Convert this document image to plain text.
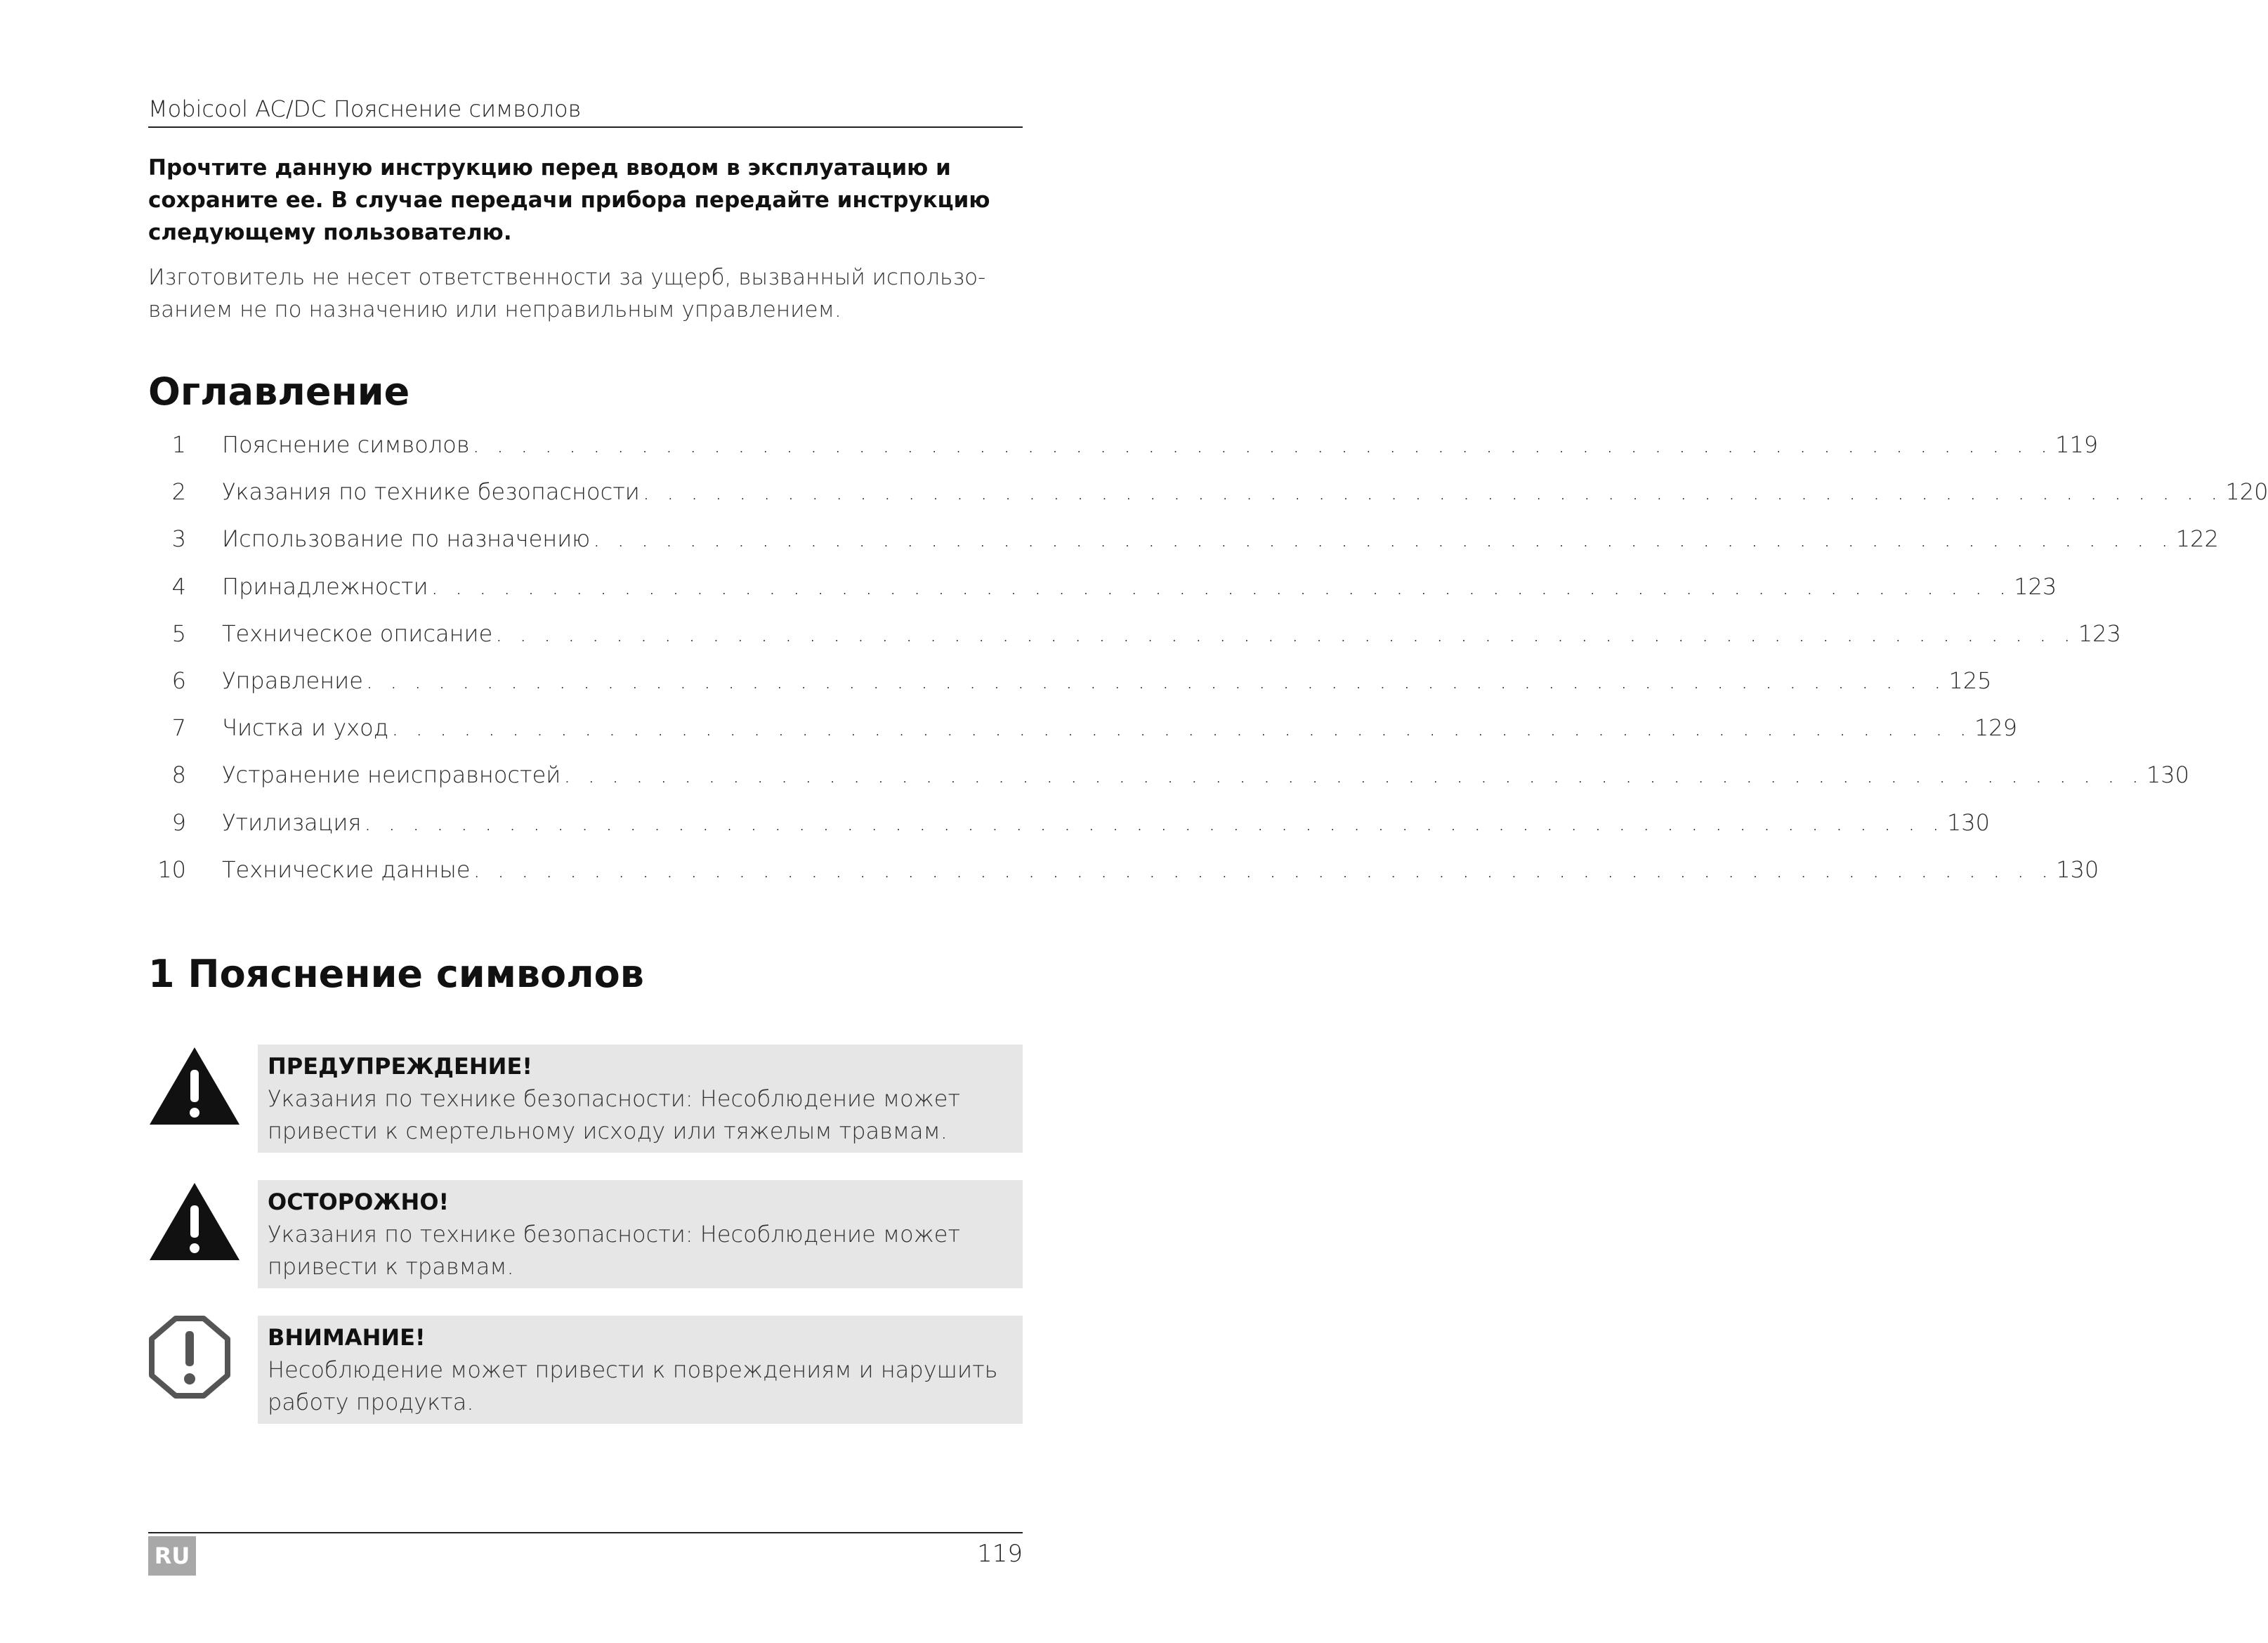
Mobicool AC/DC Пояснение символов
Прочтите данную инструкцию перед вводом в эксплуатацию и сохраните ее. В случае передачи прибора передайте инструкцию следующему пользователю.
Изготовитель не несет ответственности за ущерб, вызванный использо-ванием не по назначению или неправильным управлением.
Оглавление
1 Пояснение символов . . . . . . . . . . . . . . . . . . . . . . . . . . . . . . . . . . . . . . . . . . . . . . . . . . . . . . . . . . . . . . . . . . 119
2 Указания по технике безопасности . . . . . . . . . . . . . . . . . . . . . . . . . . . . . . . . . . . . . . . . . . . . . . . . . . . . . . . . . . . . . . . . . . 120
3 Использование по назначению . . . . . . . . . . . . . . . . . . . . . . . . . . . . . . . . . . . . . . . . . . . . . . . . . . . . . . . . . . . . . . . . . . 122
4 Принадлежности . . . . . . . . . . . . . . . . . . . . . . . . . . . . . . . . . . . . . . . . . . . . . . . . . . . . . . . . . . . . . . . . . . 123
5 Техническое описание . . . . . . . . . . . . . . . . . . . . . . . . . . . . . . . . . . . . . . . . . . . . . . . . . . . . . . . . . . . . . . . . . . 123
6 Управление . . . . . . . . . . . . . . . . . . . . . . . . . . . . . . . . . . . . . . . . . . . . . . . . . . . . . . . . . . . . . . . . . . 125
7 Чистка и уход . . . . . . . . . . . . . . . . . . . . . . . . . . . . . . . . . . . . . . . . . . . . . . . . . . . . . . . . . . . . . . . . . . 129
8 Устранение неисправностей . . . . . . . . . . . . . . . . . . . . . . . . . . . . . . . . . . . . . . . . . . . . . . . . . . . . . . . . . . . . . . . . . . 130
9 Утилизация . . . . . . . . . . . . . . . . . . . . . . . . . . . . . . . . . . . . . . . . . . . . . . . . . . . . . . . . . . . . . . . . . . 130
10 Технические данные . . . . . . . . . . . . . . . . . . . . . . . . . . . . . . . . . . . . . . . . . . . . . . . . . . . . . . . . . . . . . . . . . . 130
1 Пояснение символов
ПРЕДУПРЕЖДЕНИЕ!
Указания по технике безопасности: Несоблюдение может привести к смертельному исходу или тяжелым травмам.
ОСТОРОЖНО!
Указания по технике безопасности: Несоблюдение может привести к травмам.
ВНИМАНИЕ!
Несоблюдение может привести к повреждениям и нарушить работу продукта.
RU	119
